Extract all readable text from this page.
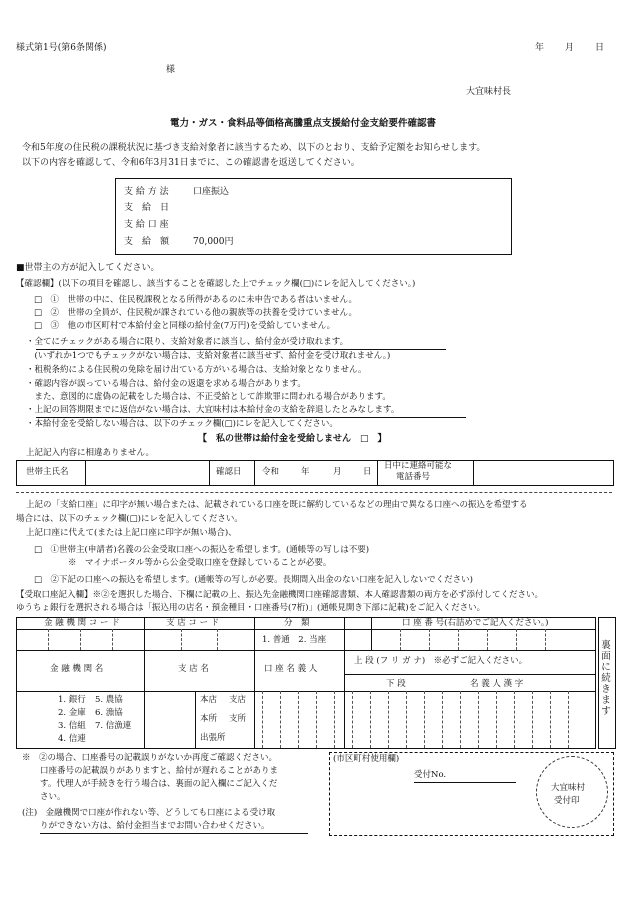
様式第1号(第6条関係)	年　月　日
様
大宜味村長
電力・ガス・食料品等価格高騰重点支援給付金支給要件確認書
令和5年度の住民税の課税状況に基づき支給対象者に該当するため、以下のとおり、支給予定額をお知らせします。
以下の内容を確認して、令和6年3月31日までに、この確認書を返送してください。
支 給 方 法	口座振込
支　給　日
支 給 口 座
支　給　額	70,000円
■世帯主の方が記入してください。
【確認欄】(以下の項目を確認し、該当することを確認した上でチェック欄(□)にレを記入してください。)
□　①　世帯の中に、住民税課税となる所得があるのに未申告である者はいません。
□　②　世帯の全員が、住民税が課されている他の親族等の扶養を受けていません。
□　③　他の市区町村で本給付金と同様の給付金(7万円)を受給していません。
・全てにチェックがある場合に限り、支給対象者に該当し、給付金が受け取れます。
　(いずれか1つでもチェックがない場合は、支給対象者に該当せず、給付金を受け取れません。)
・租税条約による住民税の免除を届け出ている方がいる場合は、支給対象となりません。
・確認内容が誤っている場合は、給付金の返還を求める場合があります。
　また、意図的に虚偽の記載をした場合は、不正受給として詐欺罪に問われる場合があります。
・上記の回答期限までに返信がない場合は、大宜味村は本給付金の支給を辞退したとみなします。
・本給付金を受給しない場合は、以下のチェック欄(□)にレを記入してください。
【　私の世帯は給付金を受給しません　□　】
上記記入内容に相違ありません。
世帯主氏名	確認日 令和	年	月	日
日中に連絡可能な
電話番号
上記の「支給口座」に印字が無い場合または、記載されている口座を既に解約しているなどの理由で異なる口座への振込を希望する
場合には、以下のチェック欄(□)にレを記入してください。
上記口座に代えて(または上記口座に印字が無い場合)、
□　①世帯主(申請者)名義の公金受取口座への振込を希望します。(通帳等の写しは不要)
※　マイナポータル等から公金受取口座を登録していることが必要。
□　②下記の口座への振込を希望します。(通帳等の写しが必要。長期間入出金のない口座を記入しないでください)
【受取口座記入欄】※②を選択した場合、下欄に記載の上、振込先金融機関口座確認書類、本人確認書類の両方を必ず添付してください。
ゆうちょ銀行を選択される場合は「振込用の店名・預金種目・口座番号(7桁)」(通帳見開き下部に記載)をご記入ください。
金 融 機 関 コ ー ド	支 店 コ ー ド	分　類	口 座 番 号(右詰めでご記入ください。)
1. 普通　2. 当座
金 融 機 関 名	支 店 名	口 座 名 義 人
上 段 (フ リ ガ ナ)　※必ずご記入ください。
下 段	名 義 人 漢 字
1. 銀行 5. 農協
2. 金庫 6. 漁協
3. 信組 7. 信漁連
4. 信連
本店 支店
本所 支所
出張所
裏面に続きます
※　②の場合、口座番号の記載誤りがないか再度ご確認ください。
口座番号の記載誤りがありますと、給付が遅れることがありま
す。代理人が手続きを行う場合は、裏面の記入欄にご記入くだ
さい。
(注)　金融機関で口座が作れない等、どうしても口座による受け取
りができない方は、給付金担当までお問い合わせください。
(市区町村使用欄)
受付No.
大宜味村
受付印
